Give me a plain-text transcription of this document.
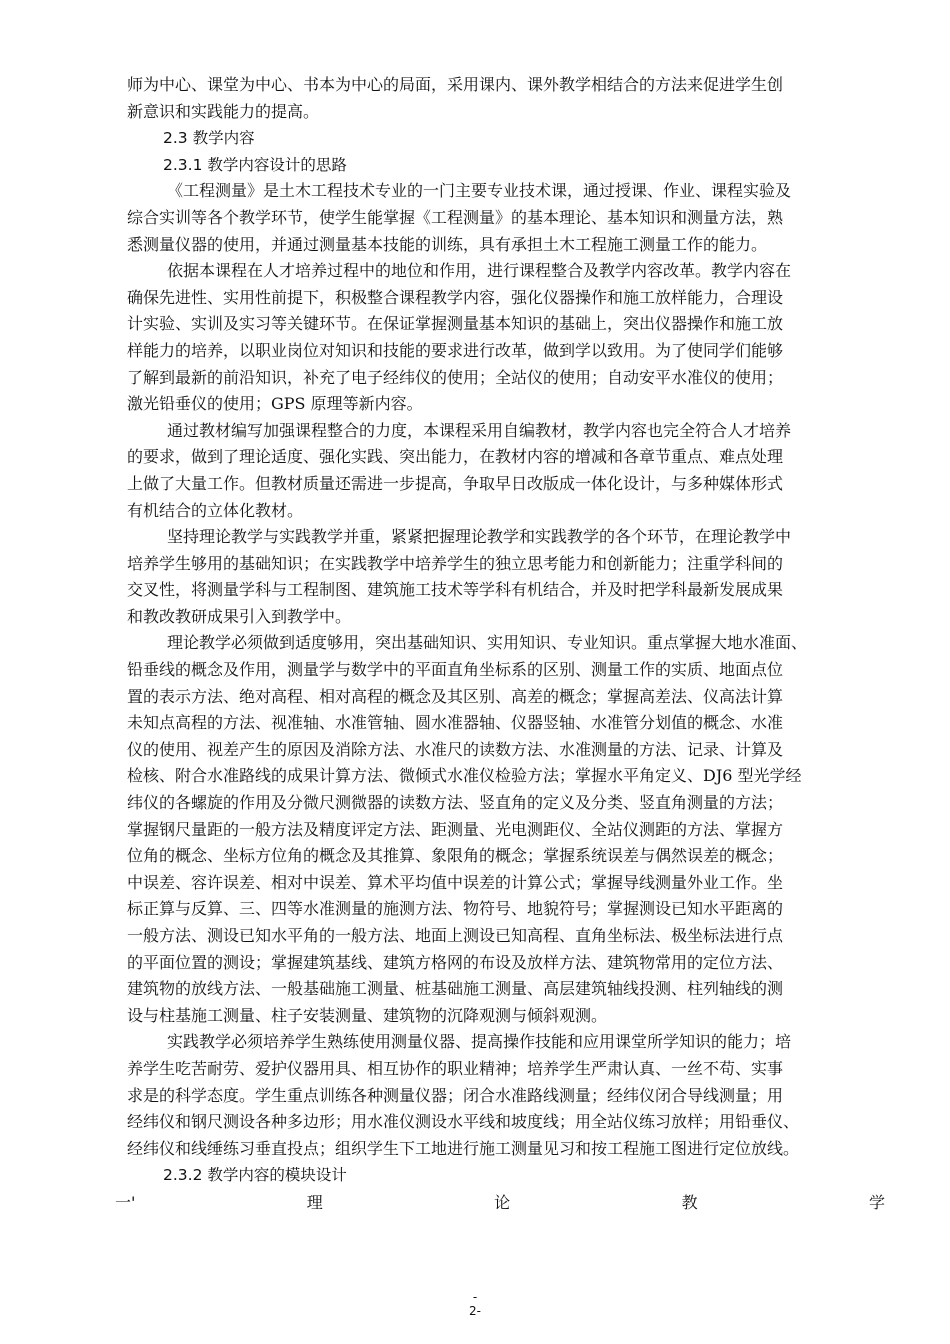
师为中心、课堂为中心、书本为中心的局面，采用课内、课外教学相结合的方法来促进学生创
新意识和实践能力的提高。
2.3 教学内容
2.3.1 教学内容设计的思路
《工程测量》是土木工程技术专业的一门主要专业技术课，通过授课、作业、课程实验及
综合实训等各个教学环节，使学生能掌握《工程测量》的基本理论、基本知识和测量方法，熟
悉测量仪器的使用，并通过测量基本技能的训练，具有承担土木工程施工测量工作的能力。
依据本课程在人才培养过程中的地位和作用，进行课程整合及教学内容改革。教学内容在
确保先进性、实用性前提下，积极整合课程教学内容，强化仪器操作和施工放样能力，合理设
计实验、实训及实习等关键环节。在保证掌握测量基本知识的基础上，突出仪器操作和施工放
样能力的培养，以职业岗位对知识和技能的要求进行改革，做到学以致用。为了使同学们能够
了解到最新的前沿知识，补充了电子经纬仪的使用；全站仪的使用；自动安平水准仪的使用；
激光铅垂仪的使用；GPS 原理等新内容。
通过教材编写加强课程整合的力度，本课程采用自编教材，教学内容也完全符合人才培养
的要求，做到了理论适度、强化实践、突出能力，在教材内容的增减和各章节重点、难点处理
上做了大量工作。但教材质量还需进一步提高，争取早日改版成一体化设计，与多种媒体形式
有机结合的立体化教材。
坚持理论教学与实践教学并重，紧紧把握理论教学和实践教学的各个环节，在理论教学中
培养学生够用的基础知识；在实践教学中培养学生的独立思考能力和创新能力；注重学科间的
交叉性，将测量学科与工程制图、建筑施工技术等学科有机结合，并及时把学科最新发展成果
和教改教研成果引入到教学中。
理论教学必须做到适度够用，突出基础知识、实用知识、专业知识。重点掌握大地水准面、
铅垂线的概念及作用，测量学与数学中的平面直角坐标系的区别、测量工作的实质、地面点位
置的表示方法、绝对高程、相对高程的概念及其区别、高差的概念；掌握高差法、仪高法计算
未知点高程的方法、视准轴、水准管轴、圆水准器轴、仪器竖轴、水准管分划值的概念、水准
仪的使用、视差产生的原因及消除方法、水准尺的读数方法、水准测量的方法、记录、计算及
检核、附合水准路线的成果计算方法、微倾式水准仪检验方法；掌握水平角定义、DJ6 型光学经
纬仪的各螺旋的作用及分微尺测微器的读数方法、竖直角的定义及分类、竖直角测量的方法；
掌握钢尺量距的一般方法及精度评定方法、距测量、光电测距仪、全站仪测距的方法、掌握方
位角的概念、坐标方位角的概念及其推算、象限角的概念；掌握系统误差与偶然误差的概念；
中误差、容许误差、相对中误差、算术平均值中误差的计算公式；掌握导线测量外业工作。坐
标正算与反算、三、四等水准测量的施测方法、物符号、地貌符号；掌握测设已知水平距离的
一般方法、测设已知水平角的一般方法、地面上测设已知高程、直角坐标法、极坐标法进行点
的平面位置的测设；掌握建筑基线、建筑方格网的布设及放样方法、建筑物常用的定位方法、
建筑物的放线方法、一般基础施工测量、桩基础施工测量、高层建筑轴线投测、柱列轴线的测
设与柱基施工测量、柱子安装测量、建筑物的沉降观测与倾斜观测。
实践教学必须培养学生熟练使用测量仪器、提高操作技能和应用课堂所学知识的能力；培
养学生吃苦耐劳、爱护仪器用具、相互协作的职业精神；培养学生严肃认真、一丝不苟、实事
求是的科学态度。学生重点训练各种测量仪器；闭合水准路线测量；经纬仪闭合导线测量；用
经纬仪和钢尺测设各种多边形；用水准仪测设水平线和坡度线；用全站仪练习放样；用铅垂仪、
经纬仪和线缍练习垂直投点；组织学生下工地进行施工测量见习和按工程施工图进行定位放线。
2.3.2 教学内容的模块设计
一'	理	论	教	学
-
2-
